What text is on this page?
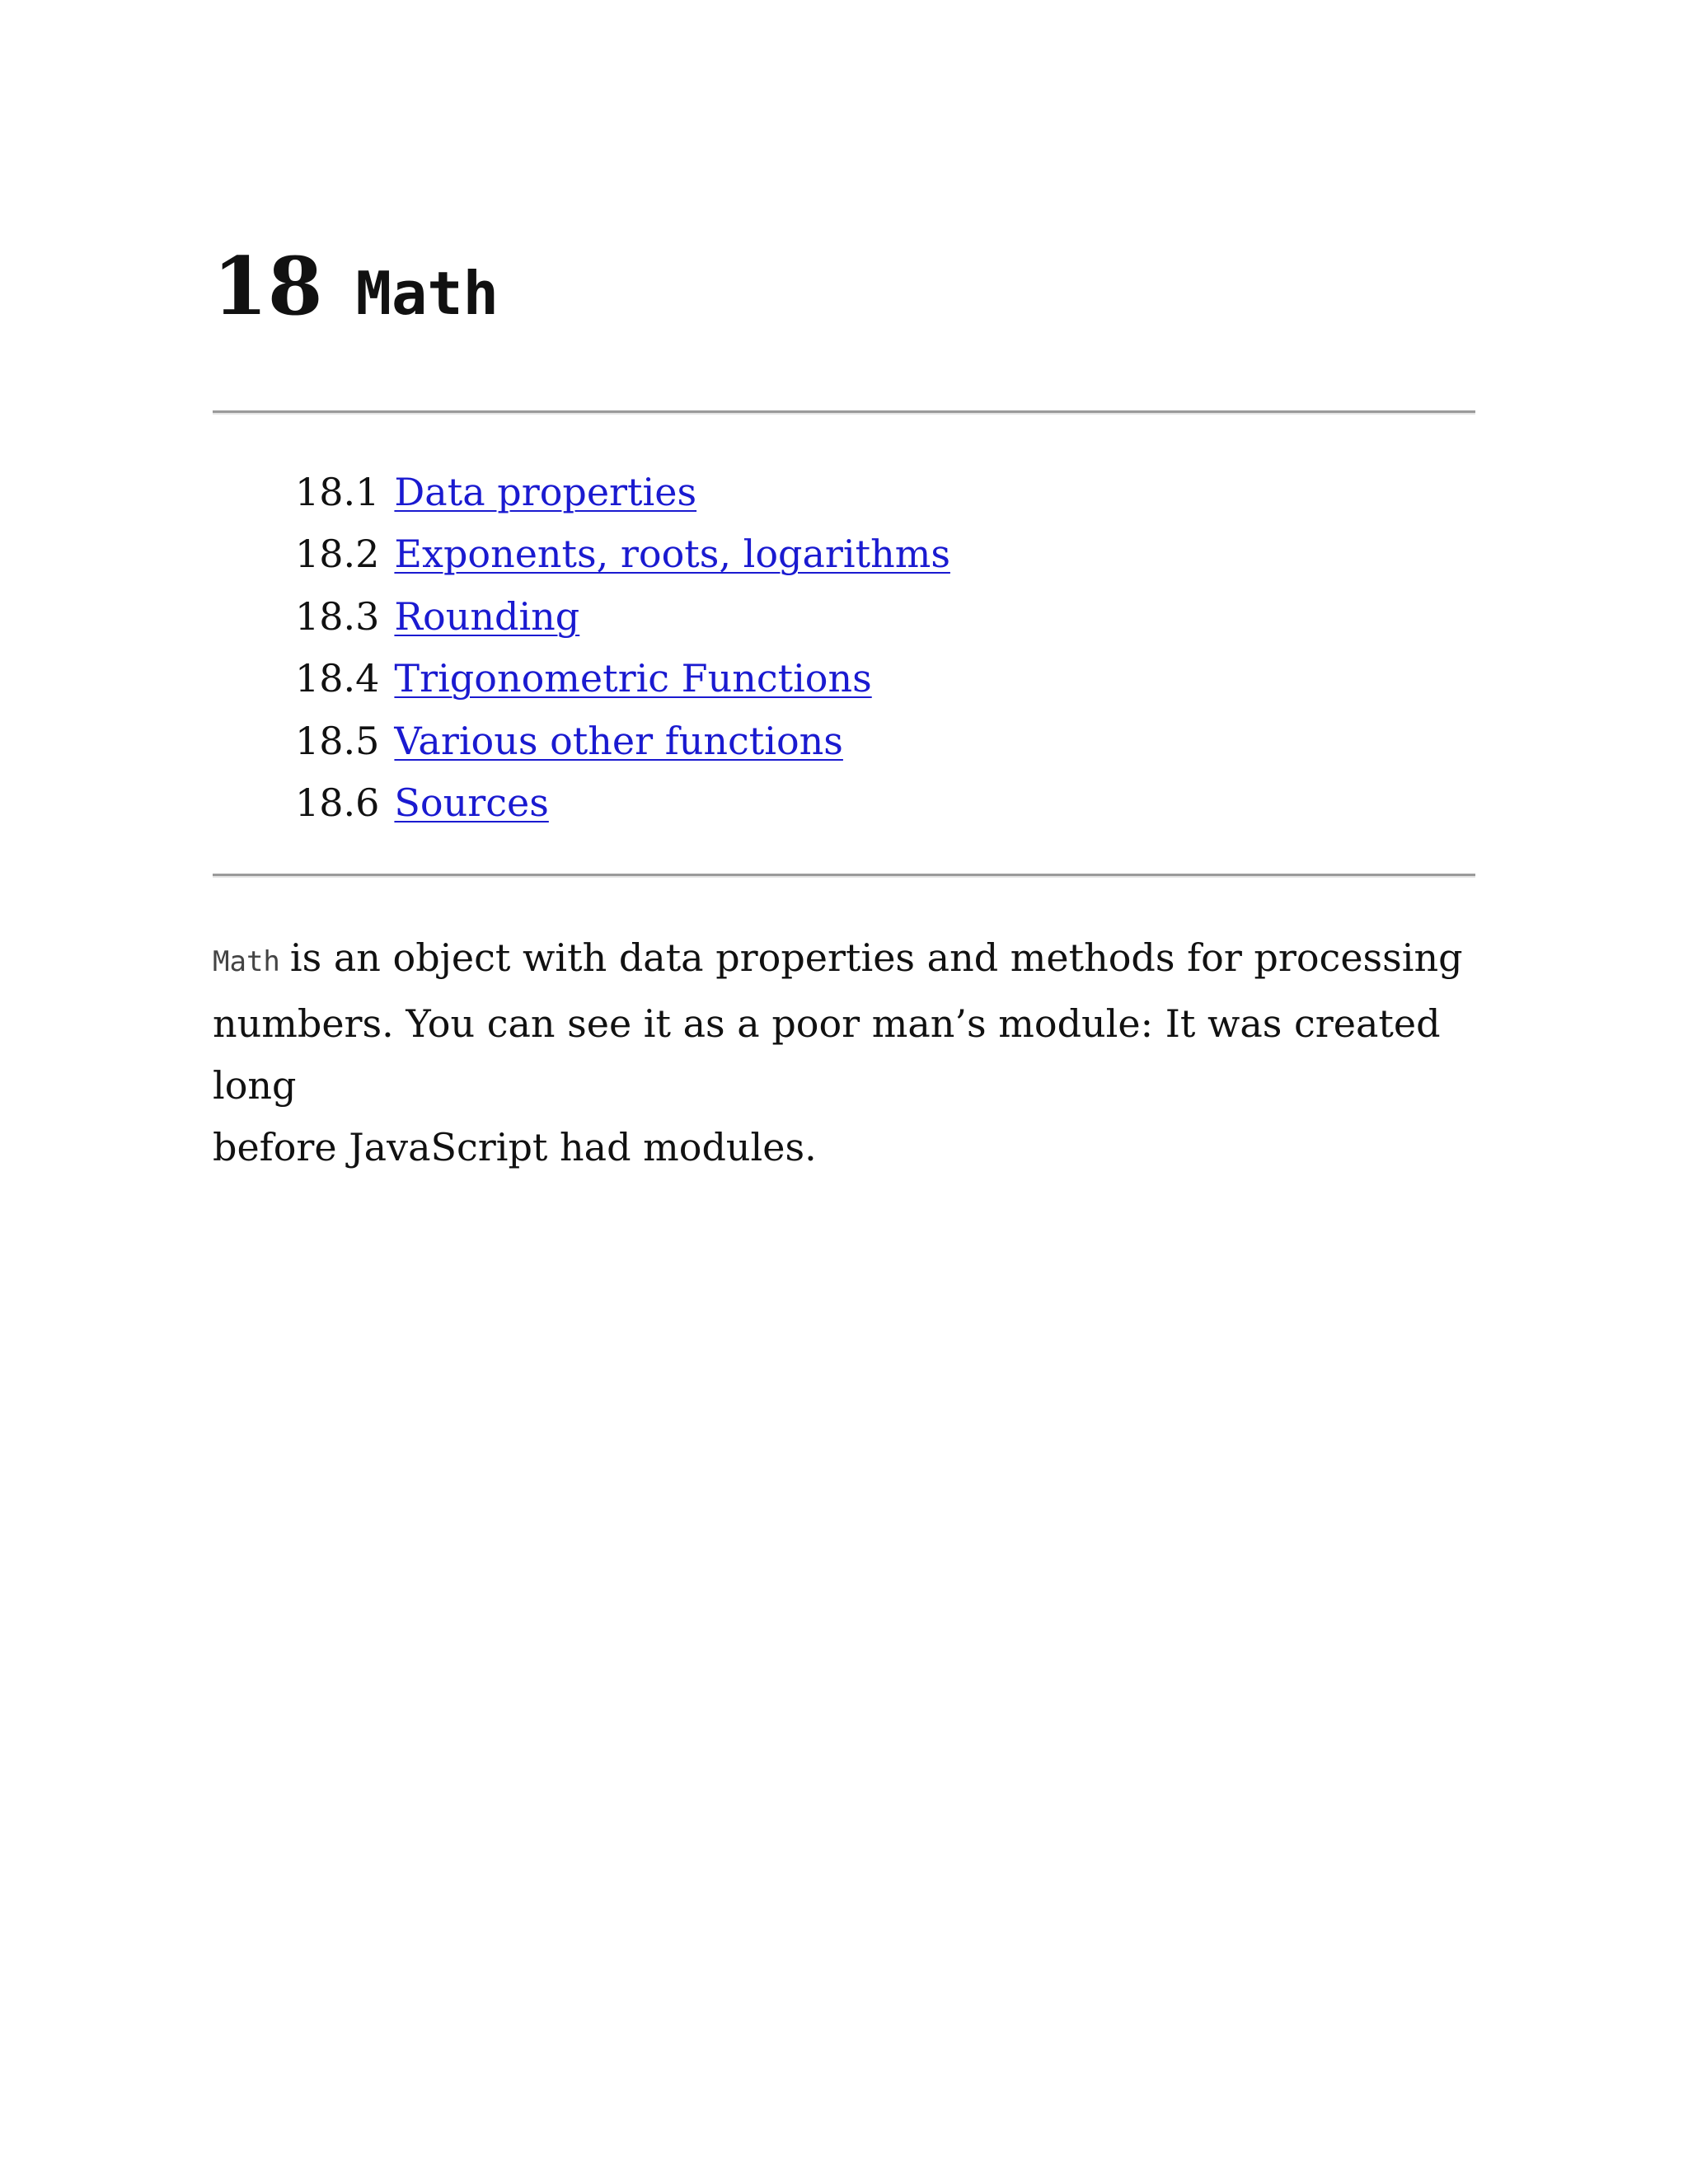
18 Math
18.1 Data properties
18.2 Exponents, roots, logarithms
18.3 Rounding
18.4 Trigonometric Functions
18.5 Various other functions
18.6 Sources

Math is an object with data properties and methods for processing
numbers. You can see it as a poor man’s module: It was created long
before JavaScript had modules.
